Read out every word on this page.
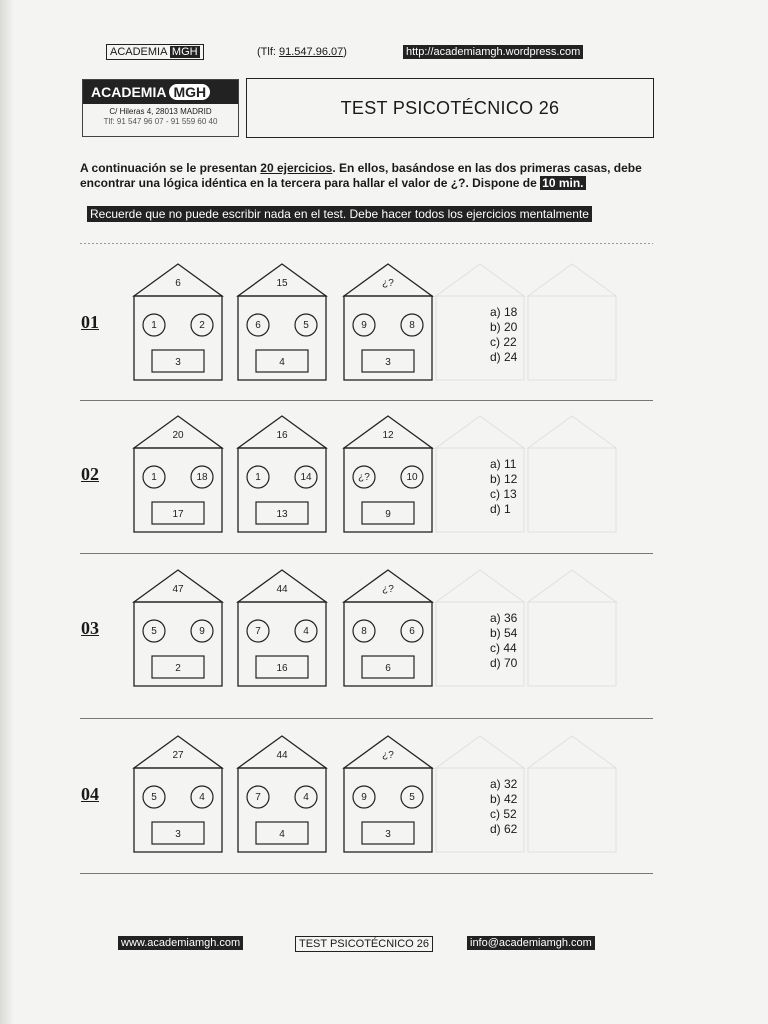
ACADEMIA MGH	(Tlf: 91.547.96.07)	http://academiamgh.wordpress.com
ACADEMIA MGH
C/ Hileras 4, 28013 MADRID
Tlf: 91 547 96 07 - 91 559 60 40
TEST PSICOTÉCNICO 26
A continuación se le presentan 20 ejercicios. En ellos, basándose en las dos primeras casas, debe encontrar una lógica idéntica en la tercera para hallar el valor de ¿?. Dispone de 10 min.
Recuerde que no puede escribir nada en el test. Debe hacer todos los ejercicios mentalmente
01
6
1	2
3
15
6	5
4
¿?
9	8
3
a) 18
b) 20
c) 22
d) 24
02
20
1	18
17
16
1	14
13
12
¿?	10
9
a) 11
b) 12
c) 13
d) 1
03
47
5	9
2
44
7	4
16
¿?
8	6
6
a) 36
b) 54
c) 44
d) 70
04
27
5	4
3
44
7	4
4
¿?
9	5
3
a) 32
b) 42
c) 52
d) 62
www.academiamgh.com	TEST PSICOTÉCNICO 26	info@academiamgh.com
